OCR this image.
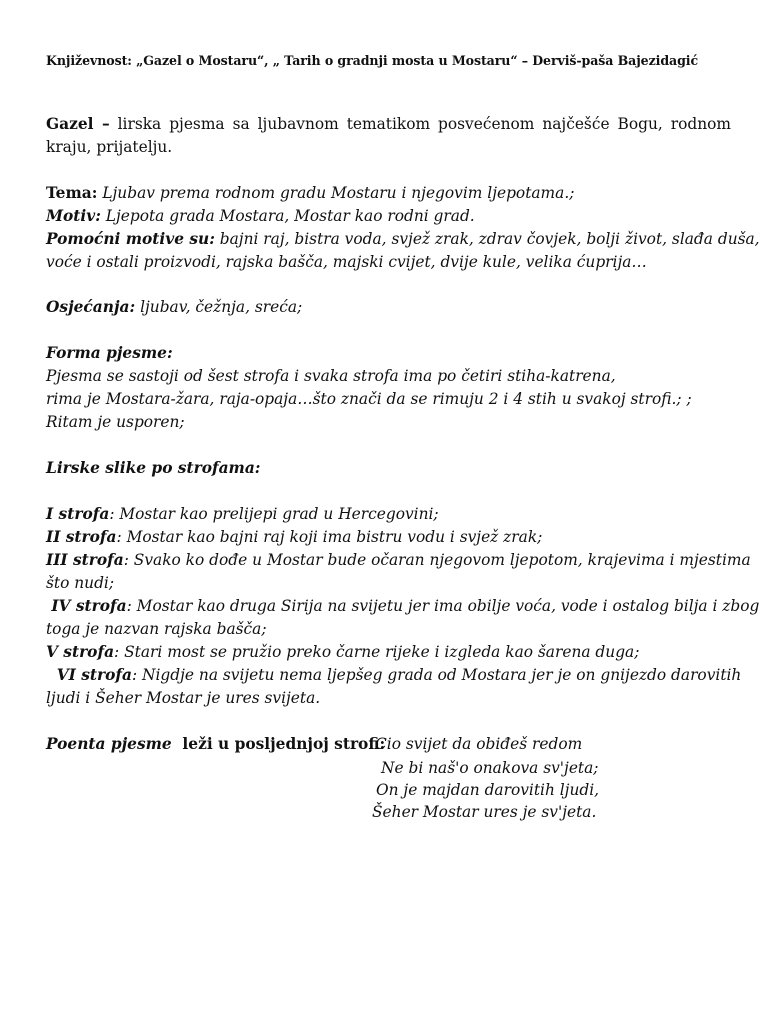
Književnost: „Gazel o Mostaru“, „ Tarih o gradnji mosta u Mostaru“ – Derviš-paša Bajezidagić
Gazel – lirska pjesma sa ljubavnom tematikom posvećenom najčešće Bogu, rodnom
kraju, prijatelju.
Tema: Ljubav prema rodnom gradu Mostaru i njegovim ljepotama.;
Motiv: Ljepota grada Mostara, Mostar kao rodni grad.
Pomoćni motive su: bajni raj, bistra voda, svjež zrak, zdrav čovjek, bolji život, slađa duša,
voće i ostali proizvodi, rajska bašča, majski cvijet, dvije kule, velika ćuprija…
Osjećanja: ljubav, čežnja, sreća;
Forma pjesme:
Pjesma se sastoji od šest strofa i svaka strofa ima po četiri stiha-katrena,
rima je Mostara-žara, raja-opaja…što znači da se rimuju 2 i 4 stih u svakoj strofi.; ;
Ritam je usporen;
Lirske slike po strofama:
I strofa: Mostar kao prelijepi grad u Hercegovini;
II strofa: Mostar kao bajni raj koji ima bistru vodu i svjež zrak;
III strofa: Svako ko dođe u Mostar bude očaran njegovom ljepotom, krajevima i mjestima
što nudi;
IV strofa: Mostar kao druga Sirija na svijetu jer ima obilje voća, vode i ostalog bilja i zbog
toga je nazvan rajska bašča;
V strofa: Stari most se pružio preko čarne rijeke i izgleda kao šarena duga;
VI strofa: Nigdje na svijetu nema ljepšeg grada od Mostara jer je on gnijezdo darovitih
ljudi i Šeher Mostar je ures svijeta.
Poenta pjesme  leži u posljednjoj strofi:
Cio svijet da obiđeš redom
Ne bi naš'o onakova sv'jeta;
On je majdan darovitih ljudi,
Šeher Mostar ures je sv'jeta.
